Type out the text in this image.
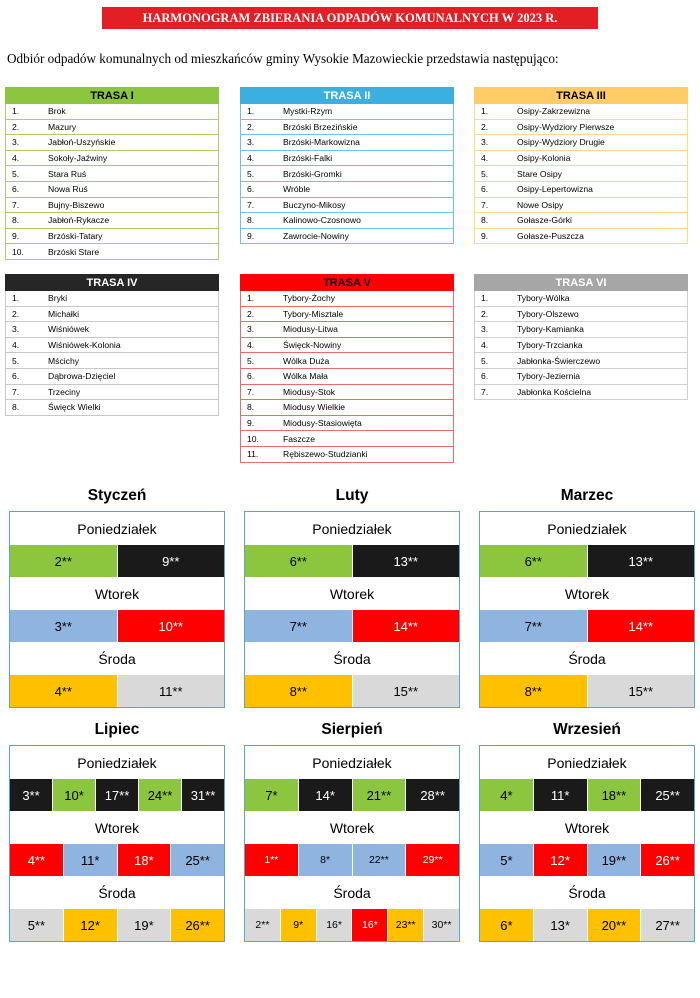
HARMONOGRAM ZBIERANIA ODPADÓW KOMUNALNYCH W 2023 R.
Odbiór odpadów komunalnych od mieszkańców gminy Wysokie Mazowieckie przedstawia następująco:
TRASA I
1.	Brok
2.	Mazury
3.	Jabłoń-Uszyńskie
4.	Sokoły-Jaźwiny
5.	Stara Ruś
6.	Nowa Ruś
7.	Bujny-Biszewo
8.	Jabłoń-Rykacze
9.	Brzóski-Tatary
10.	Brzóski Stare
TRASA II
1.	Mystki-Rzym
2.	Brzóski Brzezińskie
3.	Brzóski-Markowizna
4.	Brzóski-Falki
5.	Brzóski-Gromki
6.	Wróble
7.	Buczyno-Mikosy
8.	Kalinowo-Czosnowo
9.	Zawrocie-Nowiny
TRASA III
1.	Osipy-Zakrzewizna
2.	Osipy-Wydziory Pierwsze
3.	Osipy-Wydziory Drugie
4.	Osipy-Kolonia
5.	Stare Osipy
6.	Osipy-Lepertowizna
7.	Nowe Osipy
8.	Gołasze-Górki
9.	Gołasze-Puszcza
TRASA IV
1.	Bryki
2.	Michałki
3.	Wiśniówek
4.	Wiśniówek-Kolonia
5.	Mścichy
6.	Dąbrowa-Dzięciel
7.	Trzeciny
8.	Święck Wielki
TRASA V
1.	Tybory-Żochy
2.	Tybory-Misztale
3.	Miodusy-Litwa
4.	Święck-Nowiny
5.	Wólka Duża
6.	Wólka Mała
7.	Miodusy-Stok
8.	Miodusy Wielkie
9.	Miodusy-Stasiowięta
10.	Faszcze
11.	Rębiszewo-Studzianki
TRASA VI
1.	Tybory-Wólka
2.	Tybory-Olszewo
3.	Tybory-Kamianka
4.	Tybory-Trzcianka
5.	Jabłonka-Świerczewo
6.	Tybory-Jeziernia
7.	Jabłonka Kościelna
Styczeń
Poniedziałek
2**	9**
Wtorek
3**	10**
Środa
4**	11**
Luty
Poniedziałek
6**	13**
Wtorek
7**	14**
Środa
8**	15**
Marzec
Poniedziałek
6**	13**
Wtorek
7**	14**
Środa
8**	15**
Lipiec
Poniedziałek
3**	10*	17**	24**	31**
Wtorek
4**	11*	18*	25**
Środa
5**	12*	19*	26**
Sierpień
Poniedziałek
7*	14*	21**	28**
Wtorek
1**	8*	22**	29**
Środa
2**	9*	16*	16*	23**	30**
Wrzesień
Poniedziałek
4*	11*	18**	25**
Wtorek
5*	12*	19**	26**
Środa
6*	13*	20**	27**
